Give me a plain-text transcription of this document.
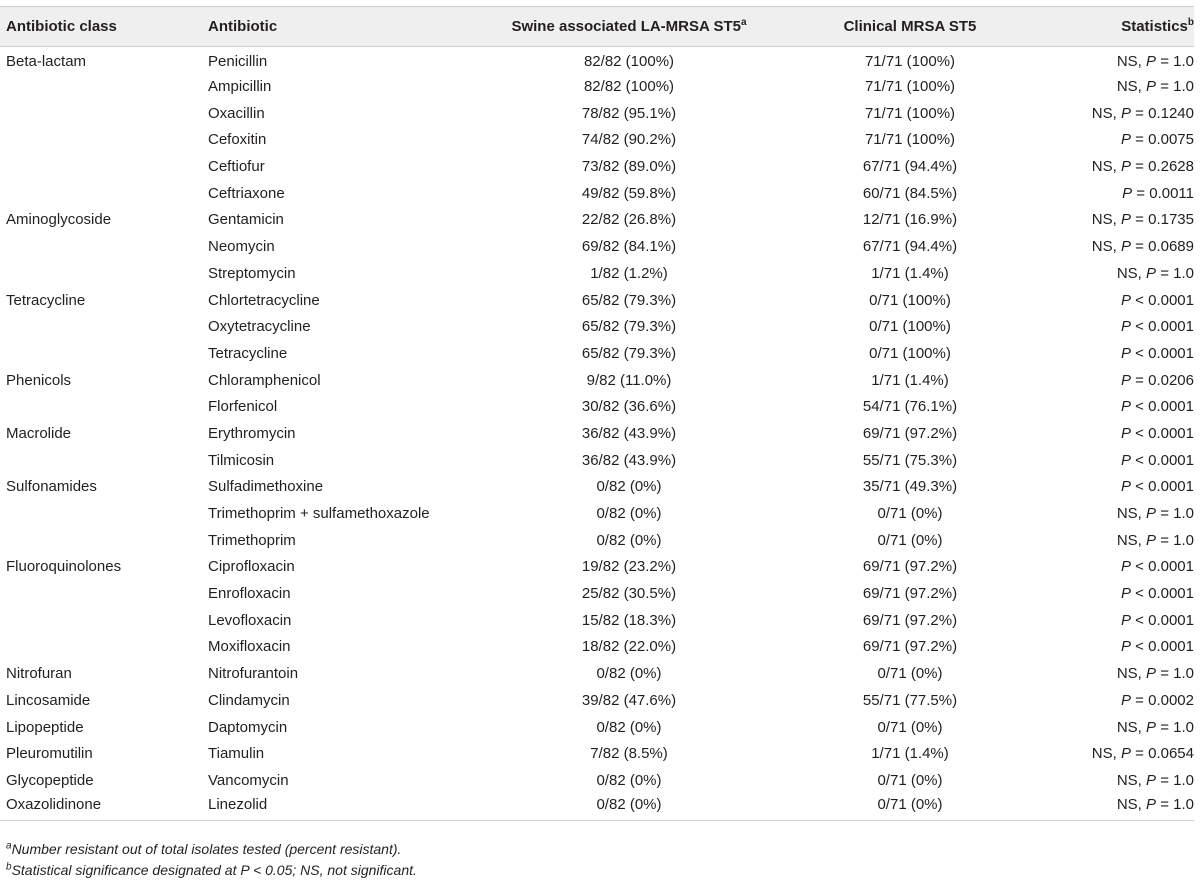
Antibiotic class	Antibiotic	Swine associated LA-MRSA ST5$^a$	Clinical MRSA ST5	Statistics$^b$
Beta-lactam	Penicillin	82/82 (100%)	71/71 (100%)	NS, P = 1.0
	Ampicillin	82/82 (100%)	71/71 (100%)	NS, P = 1.0
	Oxacillin	78/82 (95.1%)	71/71 (100%)	NS, P = 0.1240
	Cefoxitin	74/82 (90.2%)	71/71 (100%)	P = 0.0075
	Ceftiofur	73/82 (89.0%)	67/71 (94.4%)	NS, P = 0.2628
	Ceftriaxone	49/82 (59.8%)	60/71 (84.5%)	P = 0.0011
Aminoglycoside	Gentamicin	22/82 (26.8%)	12/71 (16.9%)	NS, P = 0.1735
	Neomycin	69/82 (84.1%)	67/71 (94.4%)	NS, P = 0.0689
	Streptomycin	1/82 (1.2%)	1/71 (1.4%)	NS, P = 1.0
Tetracycline	Chlortetracycline	65/82 (79.3%)	0/71 (100%)	P < 0.0001
	Oxytetracycline	65/82 (79.3%)	0/71 (100%)	P < 0.0001
	Tetracycline	65/82 (79.3%)	0/71 (100%)	P < 0.0001
Phenicols	Chloramphenicol	9/82 (11.0%)	1/71 (1.4%)	P = 0.0206
	Florfenicol	30/82 (36.6%)	54/71 (76.1%)	P < 0.0001
Macrolide	Erythromycin	36/82 (43.9%)	69/71 (97.2%)	P < 0.0001
	Tilmicosin	36/82 (43.9%)	55/71 (75.3%)	P < 0.0001
Sulfonamides	Sulfadimethoxine	0/82 (0%)	35/71 (49.3%)	P < 0.0001
	Trimethoprim + sulfamethoxazole	0/82 (0%)	0/71 (0%)	NS, P = 1.0
	Trimethoprim	0/82 (0%)	0/71 (0%)	NS, P = 1.0
Fluoroquinolones	Ciprofloxacin	19/82 (23.2%)	69/71 (97.2%)	P < 0.0001
	Enrofloxacin	25/82 (30.5%)	69/71 (97.2%)	P < 0.0001
	Levofloxacin	15/82 (18.3%)	69/71 (97.2%)	P < 0.0001
	Moxifloxacin	18/82 (22.0%)	69/71 (97.2%)	P < 0.0001
Nitrofuran	Nitrofurantoin	0/82 (0%)	0/71 (0%)	NS, P = 1.0
Lincosamide	Clindamycin	39/82 (47.6%)	55/71 (77.5%)	P = 0.0002
Lipopeptide	Daptomycin	0/82 (0%)	0/71 (0%)	NS, P = 1.0
Pleuromutilin	Tiamulin	7/82 (8.5%)	1/71 (1.4%)	NS, P = 0.0654
Glycopeptide	Vancomycin	0/82 (0%)	0/71 (0%)	NS, P = 1.0
Oxazolidinone	Linezolid	0/82 (0%)	0/71 (0%)	NS, P = 1.0
$^a$Number resistant out of total isolates tested (percent resistant).
$^b$Statistical significance designated at P < 0.05; NS, not significant.
